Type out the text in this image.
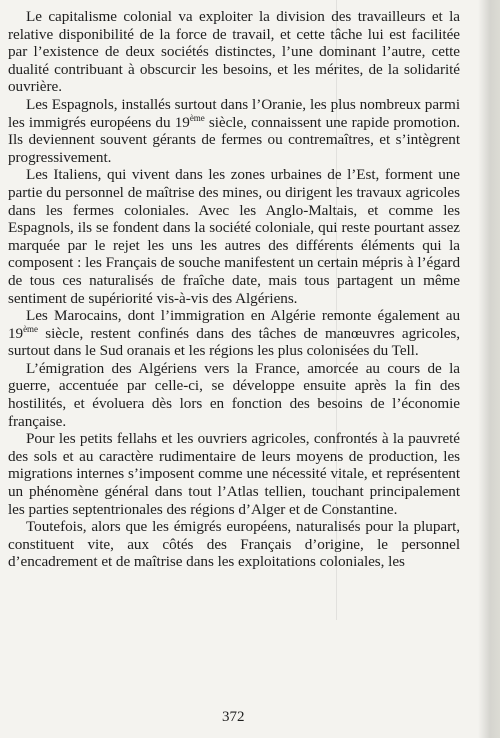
Le capitalisme colonial va exploiter la division des travailleurs et la relative disponibilité de la force de travail, et cette tâche lui est facilitée par l’existence de deux sociétés distinctes, l’une dominant l’autre, cette dualité contribuant à obscurcir les besoins, et les mérites, de la solidarité ouvrière.

Les Espagnols, installés surtout dans l’Oranie, les plus nombreux parmi les immigrés européens du 19ème siècle, connaissent une rapide promotion. Ils deviennent souvent gérants de fermes ou contremaîtres, et s’intègrent progressivement.

Les Italiens, qui vivent dans les zones urbaines de l’Est, forment une partie du personnel de maîtrise des mines, ou dirigent les travaux agricoles dans les fermes coloniales. Avec les Anglo-Maltais, et comme les Espagnols, ils se fondent dans la société coloniale, qui reste pourtant assez marquée par le rejet les uns les autres des différents éléments qui la composent : les Français de souche manifestent un certain mépris à l’égard de tous ces naturalisés de fraîche date, mais tous partagent un même sentiment de supériorité vis-à-vis des Algériens.

Les Marocains, dont l’immigration en Algérie remonte également au 19ème siècle, restent confinés dans des tâches de manœuvres agricoles, surtout dans le Sud oranais et les régions les plus colonisées du Tell.

L’émigration des Algériens vers la France, amorcée au cours de la guerre, accentuée par celle-ci, se développe ensuite après la fin des hostilités, et évoluera dès lors en fonction des besoins de l’économie française.

Pour les petits fellahs et les ouvriers agricoles, confrontés à la pauvreté des sols et au caractère rudimentaire de leurs moyens de production, les migrations internes s’imposent comme une nécessité vitale, et représentent un phénomène général dans tout l’Atlas tellien, touchant principalement les parties septentrionales des régions d’Alger et de Constantine.

Toutefois, alors que les émigrés européens, naturalisés pour la plupart, constituent vite, aux côtés des Français d’origine, le personnel d’encadrement et de maîtrise dans les exploitations coloniales, les

372
